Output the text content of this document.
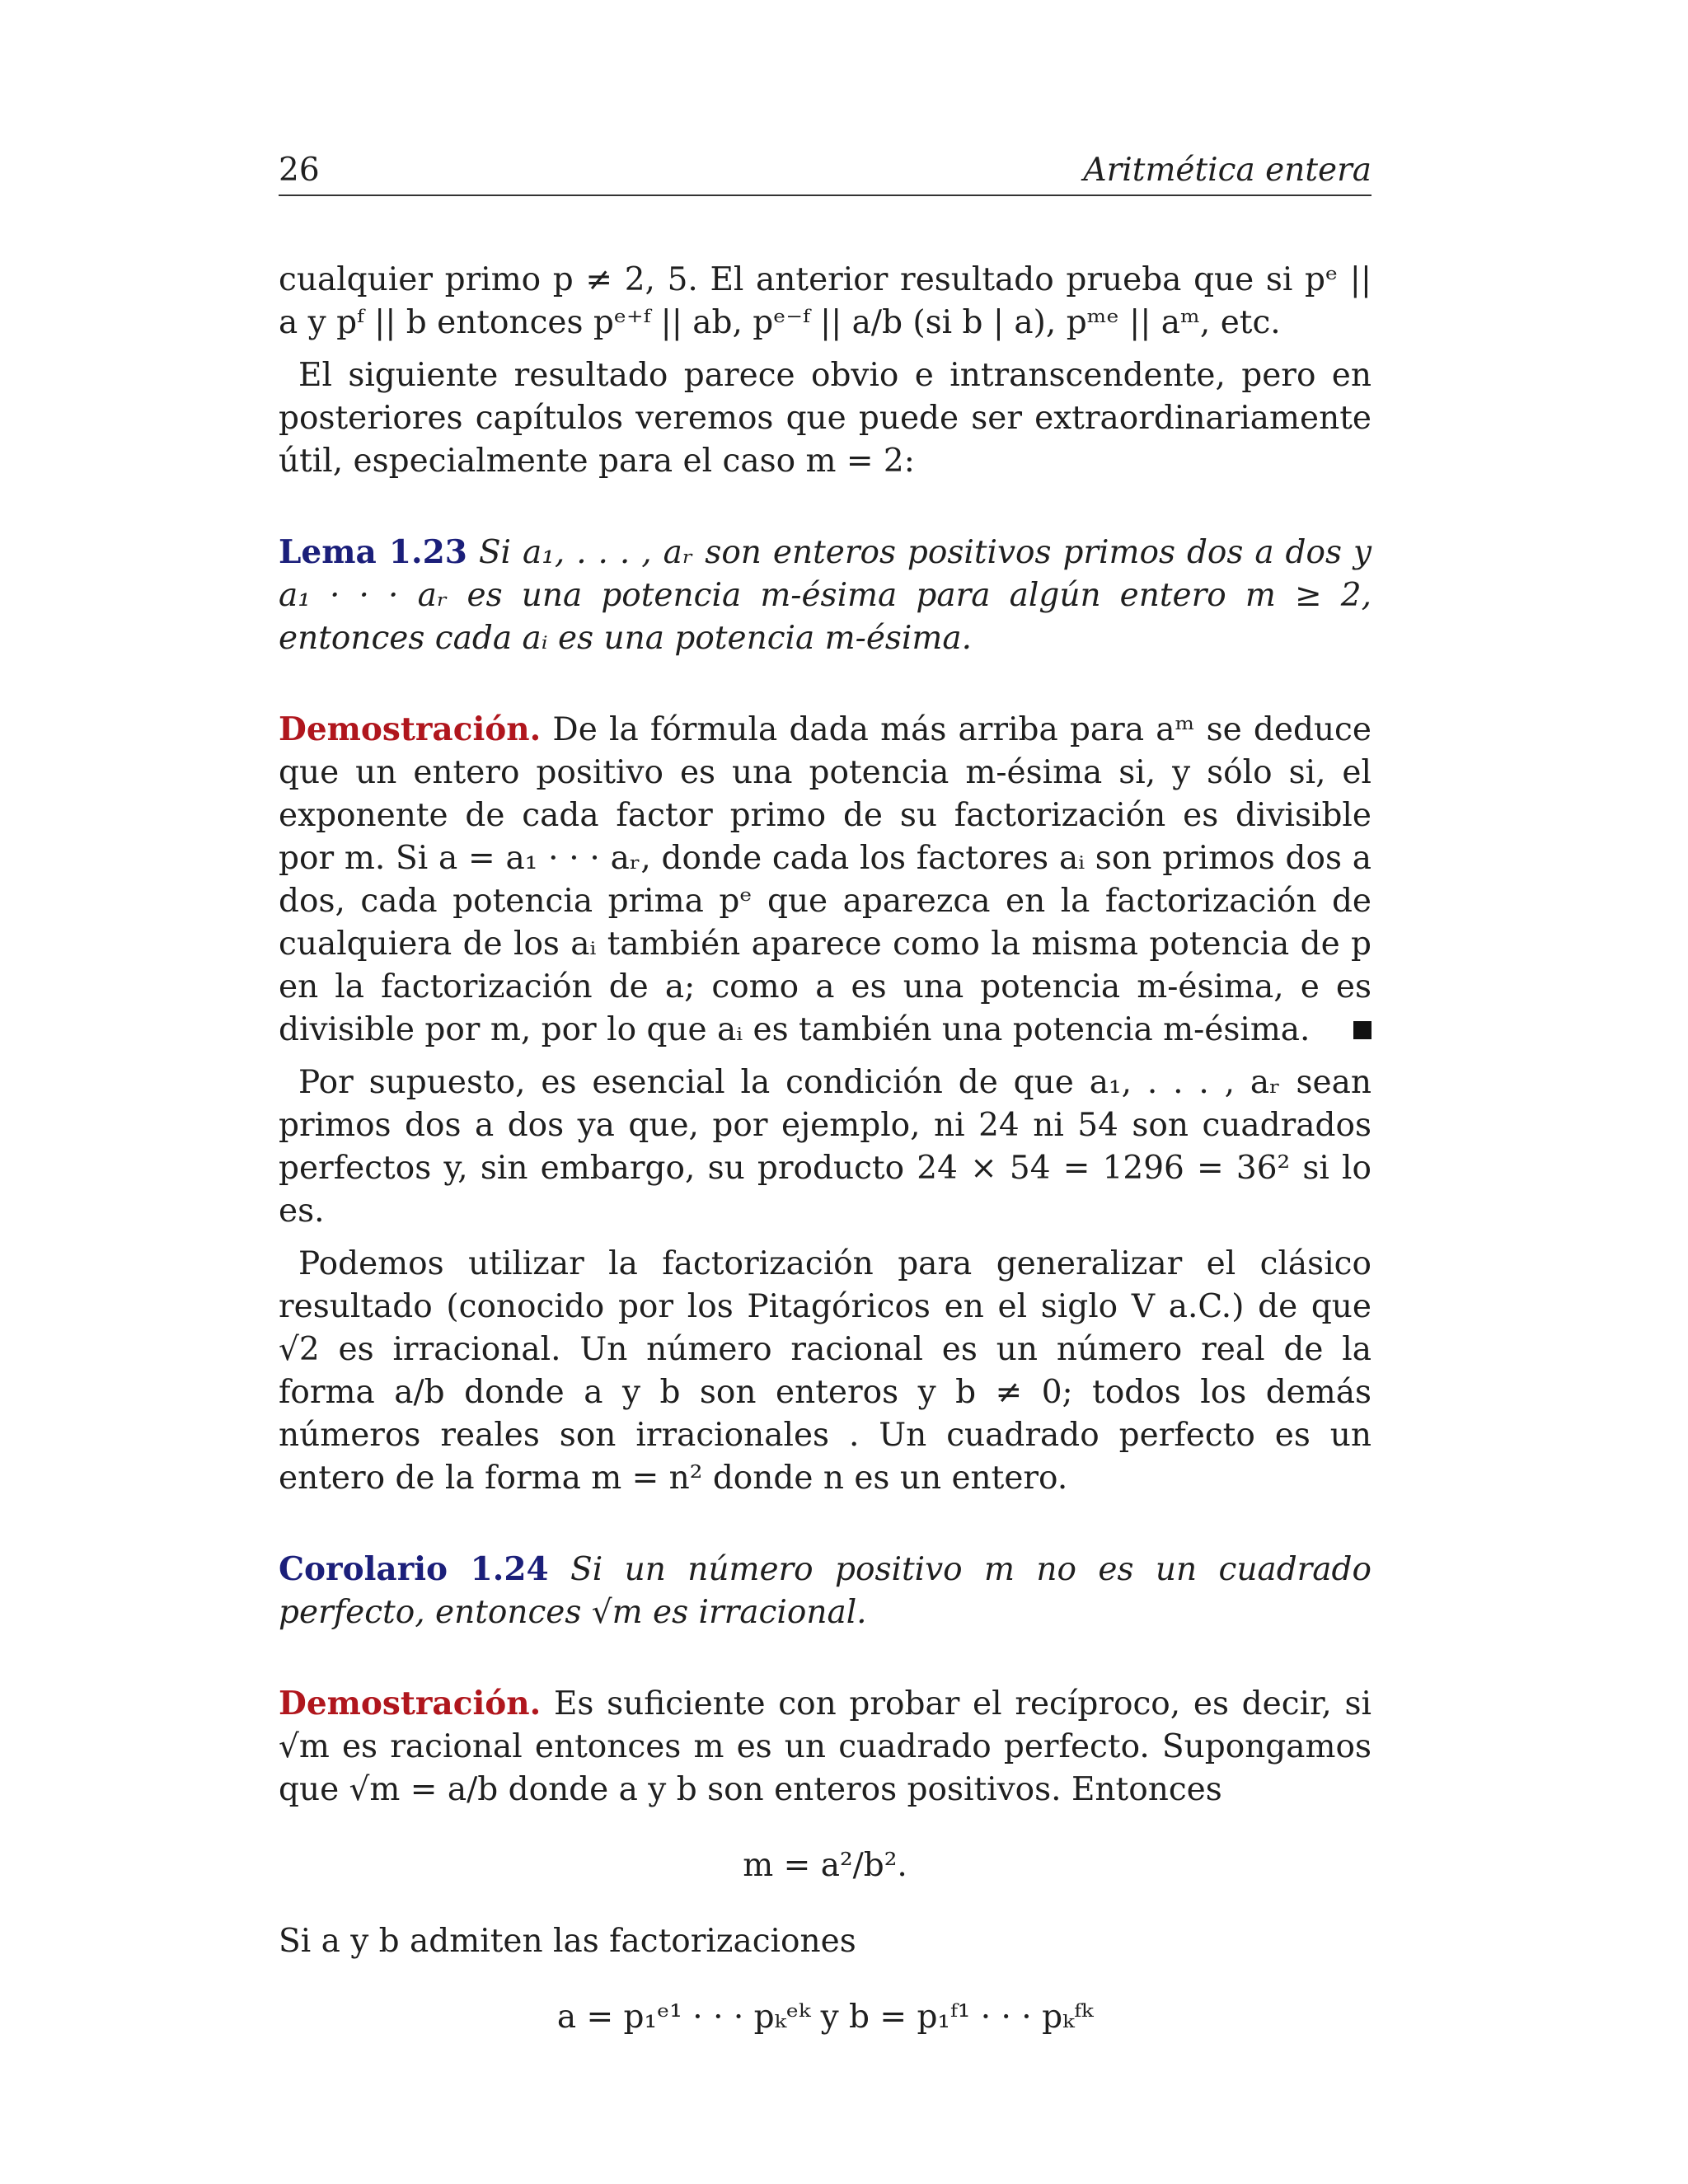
26	Aritmética entera

cualquier primo p ≠ 2, 5. El anterior resultado prueba que si pᵉ || a y pᶠ || b entonces pᵉ⁺ᶠ || ab, pᵉ⁻ᶠ || a/b (si b | a), pᵐᵉ || aᵐ, etc.

El siguiente resultado parece obvio e intranscendente, pero en posteriores capítulos veremos que puede ser extraordinariamente útil, especialmente para el caso m = 2:

Lema 1.23 Si a₁, . . . , aᵣ son enteros positivos primos dos a dos y a₁ · · · aᵣ es una potencia m-ésima para algún entero m ≥ 2, entonces cada aᵢ es una potencia m-ésima.

Demostración. De la fórmula dada más arriba para aᵐ se deduce que un entero positivo es una potencia m-ésima si, y sólo si, el exponente de cada factor primo de su factorización es divisible por m. Si a = a₁ · · · aᵣ, donde cada los factores aᵢ son primos dos a dos, cada potencia prima pᵉ que aparezca en la factorización de cualquiera de los aᵢ también aparece como la misma potencia de p en la factorización de a; como a es una potencia m-ésima, e es divisible por m, por lo que aᵢ es también una potencia m-ésima.

Por supuesto, es esencial la condición de que a₁, . . . , aᵣ sean primos dos a dos ya que, por ejemplo, ni 24 ni 54 son cuadrados perfectos y, sin embargo, su producto 24 × 54 = 1296 = 36² si lo es.

Podemos utilizar la factorización para generalizar el clásico resultado (conocido por los Pitagóricos en el siglo V a.C.) de que √2 es irracional. Un número racional es un número real de la forma a/b donde a y b son enteros y b ≠ 0; todos los demás números reales son irracionales . Un cuadrado perfecto es un entero de la forma m = n² donde n es un entero.

Corolario 1.24 Si un número positivo m no es un cuadrado perfecto, entonces √m es irracional.

Demostración. Es suficiente con probar el recíproco, es decir, si √m es racional entonces m es un cuadrado perfecto. Supongamos que √m = a/b donde a y b son enteros positivos. Entonces

m = a²/b².

Si a y b admiten las factorizaciones

a = p₁ᵉ¹ · · · pₖᵉᵏ y b = p₁ᶠ¹ · · · pₖᶠᵏ
